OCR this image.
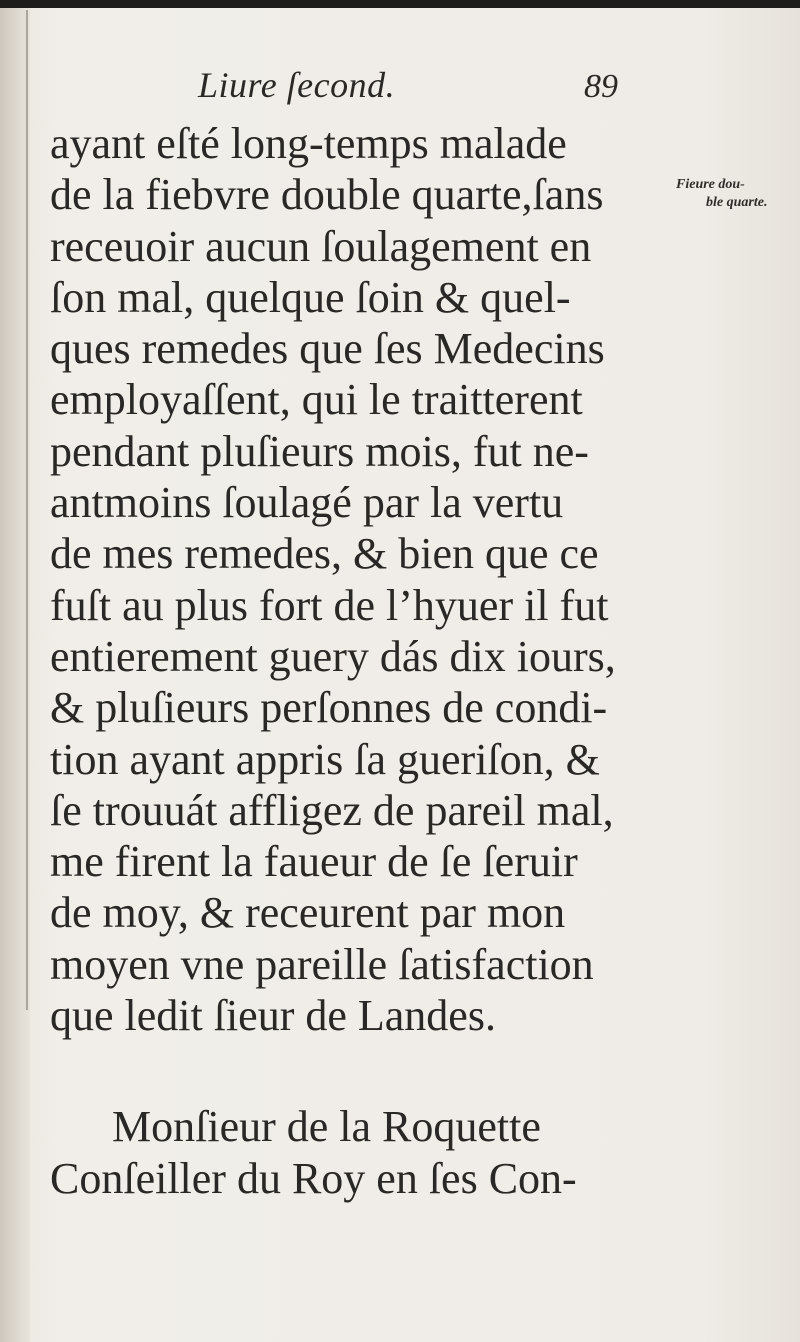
Liure ſecond.	89
Fieure dou-
ble quarte.
ayant eſté long-temps malade
de la fiebvre double quarte,ſans
receuoir aucun ſoulagement en
ſon mal, quelque ſoin & quel-
ques remedes que ſes Medecins
employaſſent, qui le traitterent
pendant pluſieurs mois, fut ne-
antmoins ſoulagé par la vertu
de mes remedes, & bien que ce
fuſt au plus fort de l’hyuer il fut
entierement guery dás dix iours,
& pluſieurs perſonnes de condi-
tion ayant appris ſa gueriſon, &
ſe trouuát affligez de pareil mal,
me firent la faueur de ſe ſeruir
de moy, & receurent par mon
moyen vne pareille ſatisfaction
que ledit ſieur de Landes.
Monſieur de la Roquette
Conſeiller du Roy en ſes Con-
